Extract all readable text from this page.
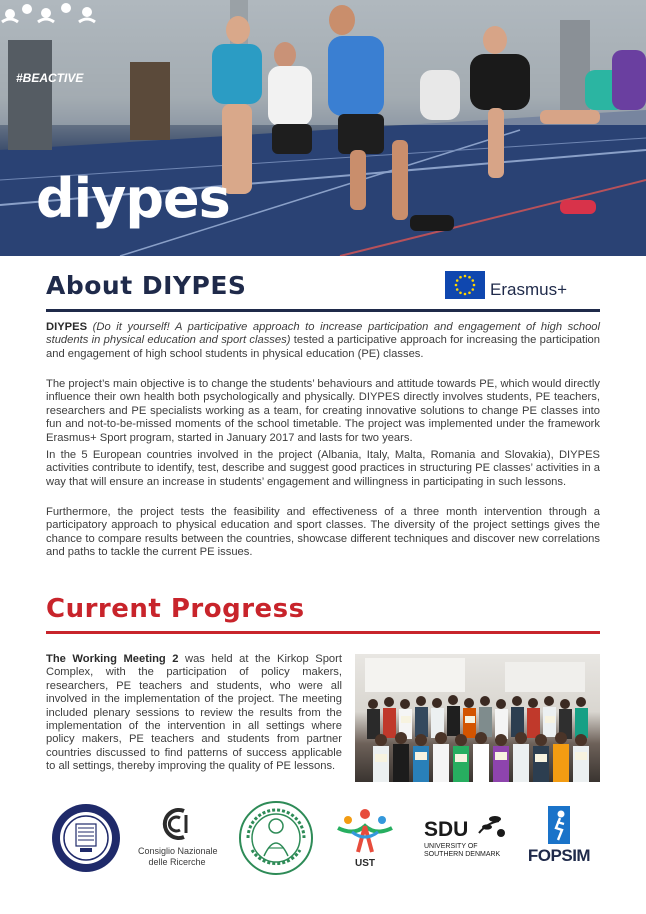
#BEACTIVE
diypes
About DIYPES	Erasmus+

DIYPES (Do it yourself! A participative approach to increase participation and engagement of high school students in physical education and sport classes) tested a participative approach for increasing the participation and engagement of high school students in physical education (PE) classes.

The project’s main objective is to change the students’ behaviours and attitude towards PE, which would directly influence their own health both psychologically and physically. DIYPES directly involves students, PE teachers, researchers and PE specialists working as a team, for creating innovative solutions to change PE classes into fun and not-to-be-missed moments of the school timetable. The project was implemented under the framework Erasmus+ Sport program, started in January 2017 and lasts for two years.

In the 5 European countries involved in the project (Albania, Italy, Malta, Romania and Slovakia), DIYPES activities contribute to identify, test, describe and suggest good practices in structuring PE classes’ activities in a way that will ensure an increase in students’ engagement and willingness in participating in such lessons.

Furthermore, the project tests the feasibility and effectiveness of a three month intervention through a participatory approach to physical education and sport classes. The diversity of the project settings gives the chance to compare results between the countries, showcase different techniques and discover new correlations and paths to tackle the current PE issues.

Current Progress

The Working Meeting 2 was held at the Kirkop Sport Complex, with the participation of policy makers, researchers, PE teachers and students, who were all involved in the implementation of the project. The meeting included plenary sessions to review the results from the implementation of the intervention in all settings where policy makers, PE teachers and students from partner countries discussed to find patterns of success applicable to all settings, thereby improving the quality of PE lessons.

Consiglio Nazionale
delle Ricerche	UST
SDU
UNIVERSITY OF
SOUTHERN DENMARK	FOPSIM
